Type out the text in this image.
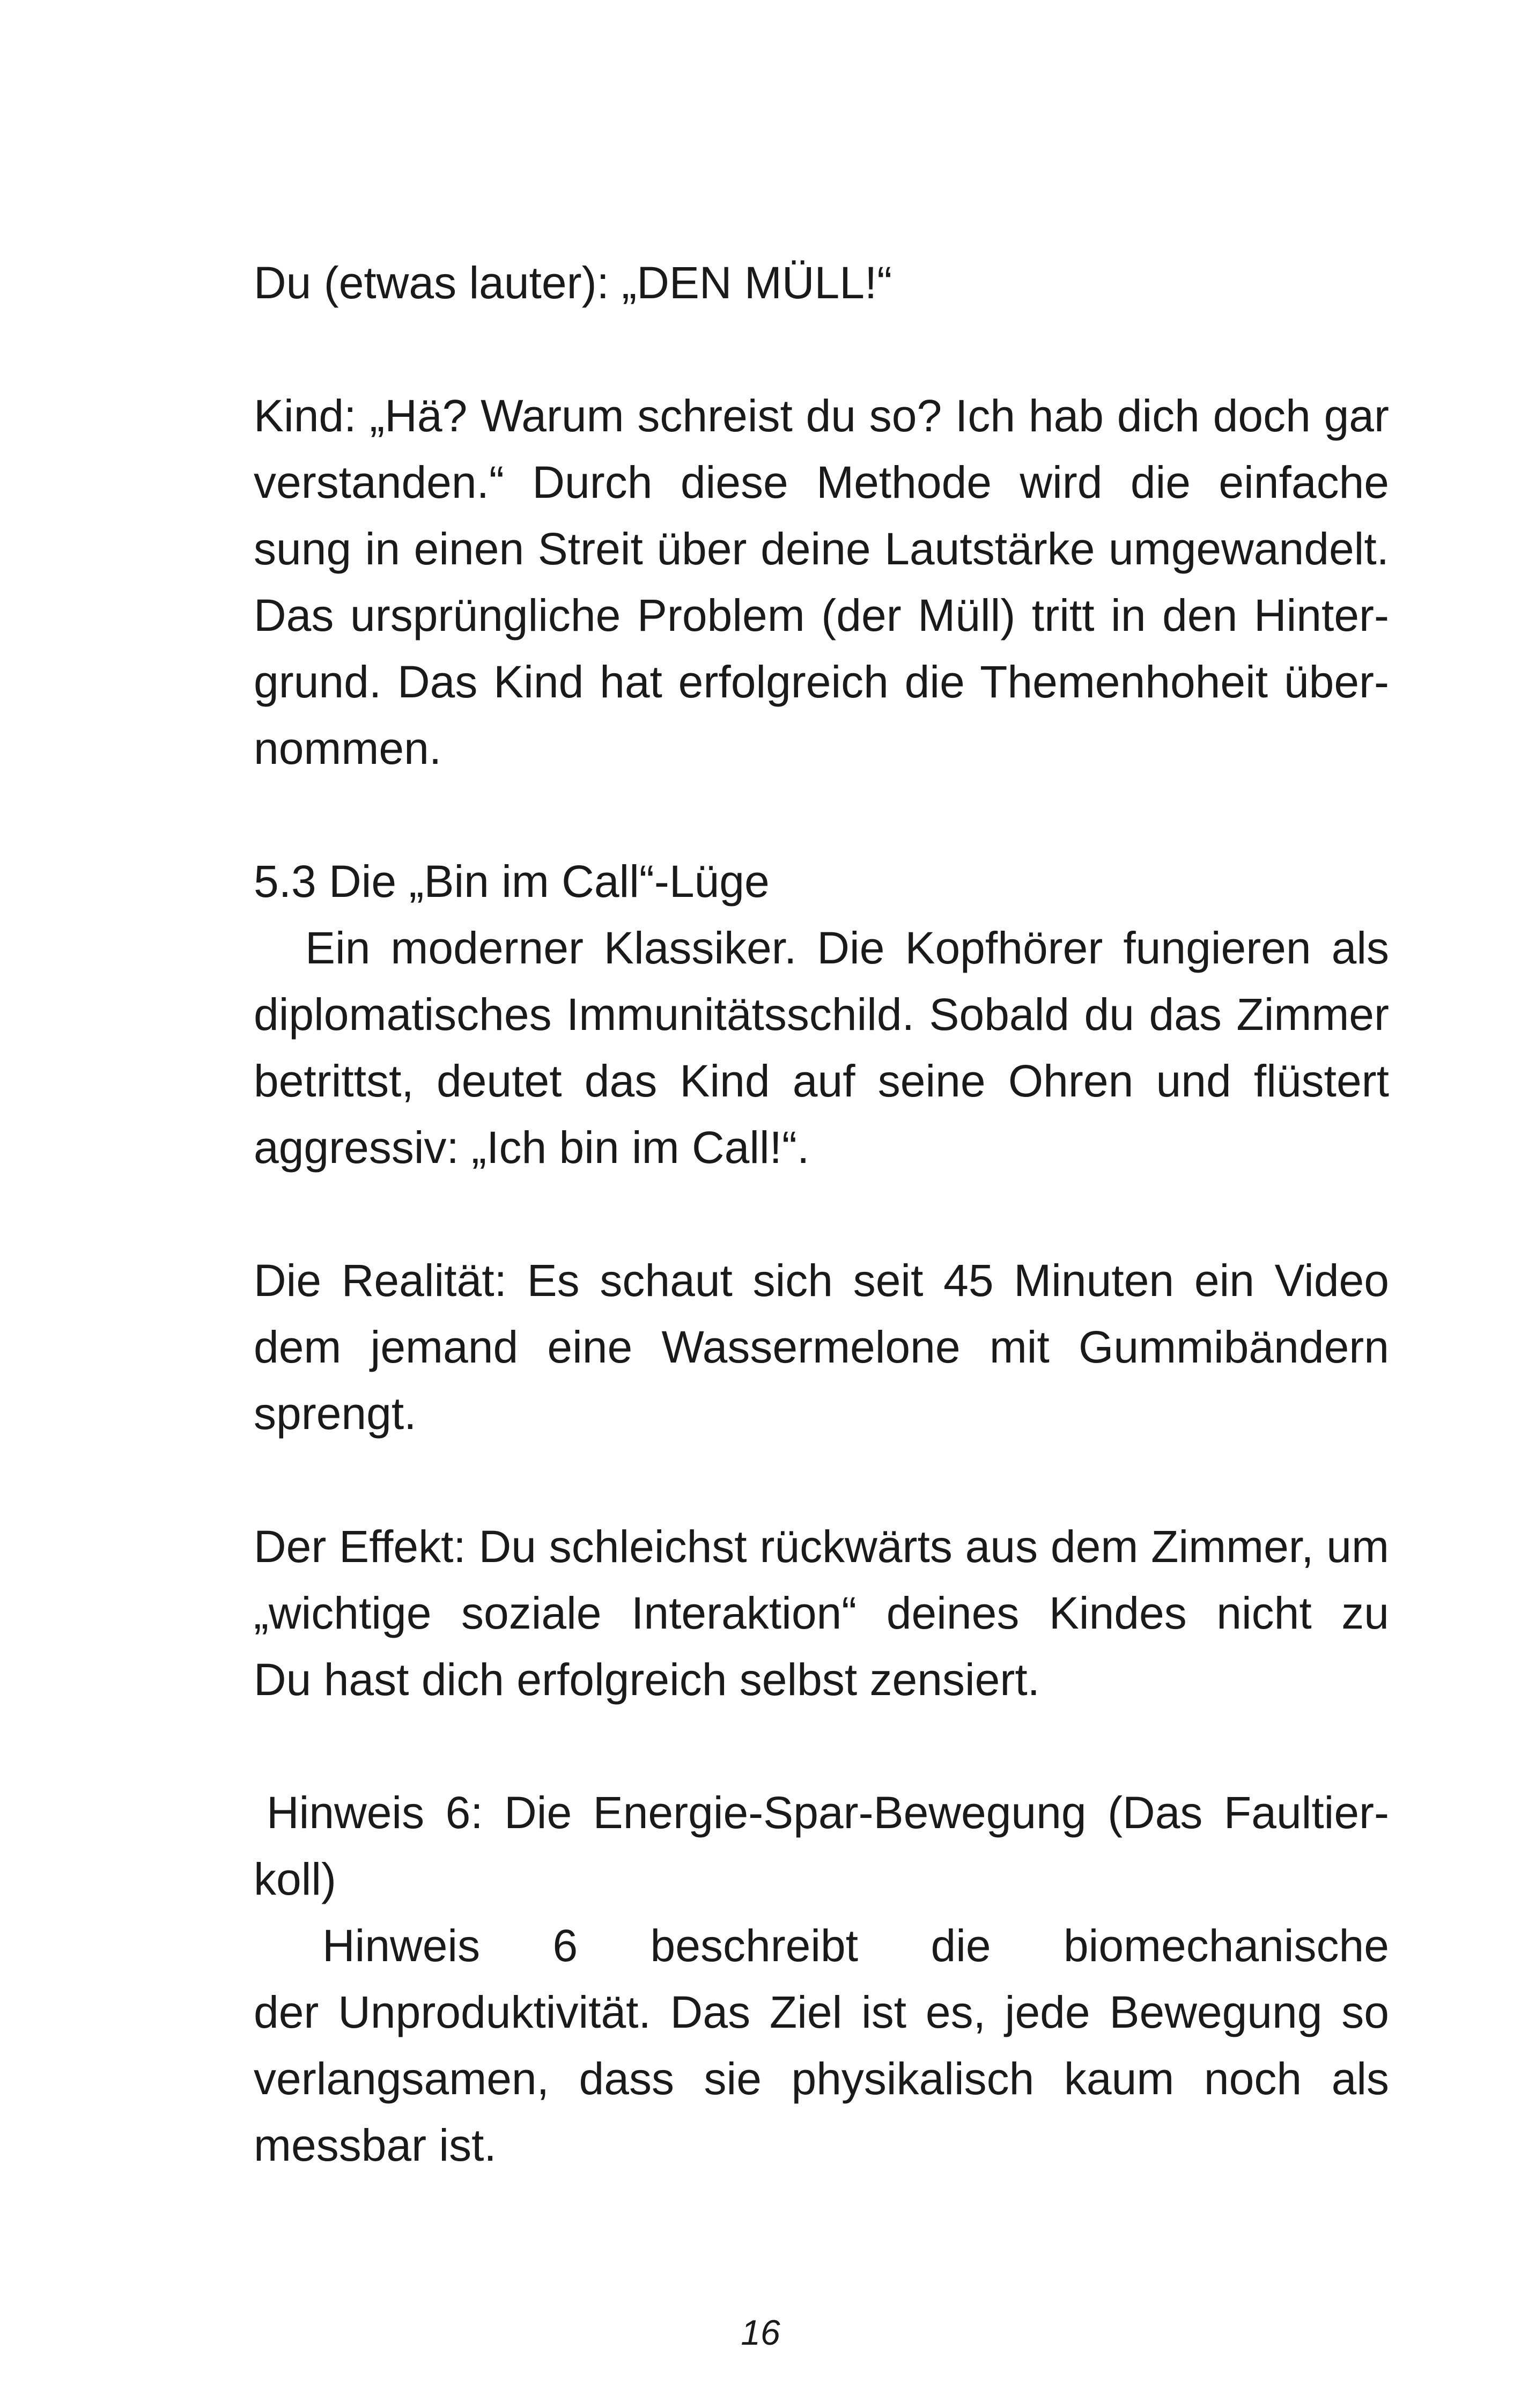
Du (etwas lauter): „DEN MÜLL!“
Kind: „Hä? Warum schreist du so? Ich hab dich doch gar
verstanden.“ Durch diese Methode wird die einfache
sung in einen Streit über deine Lautstärke umgewandelt.
Das ursprüngliche Problem (der Müll) tritt in den Hinter-
grund. Das Kind hat erfolgreich die Themenhoheit über-
nommen.
5.3 Die „Bin im Call“-Lüge
Ein moderner Klassiker. Die Kopfhörer fungieren als
diplomatisches Immunitätsschild. Sobald du das Zimmer
betrittst, deutet das Kind auf seine Ohren und flüstert
aggressiv: „Ich bin im Call!“.
Die Realität: Es schaut sich seit 45 Minuten ein Video
dem jemand eine Wassermelone mit Gummibändern
sprengt.
Der Effekt: Du schleichst rückwärts aus dem Zimmer, um
„wichtige soziale Interaktion“ deines Kindes nicht zu
Du hast dich erfolgreich selbst zensiert.
Hinweis 6: Die Energie-Spar-Bewegung (Das Faultier-
koll)
Hinweis 6 beschreibt die biomechanische
der Unproduktivität. Das Ziel ist es, jede Bewegung so
verlangsamen, dass sie physikalisch kaum noch als
messbar ist.
16
